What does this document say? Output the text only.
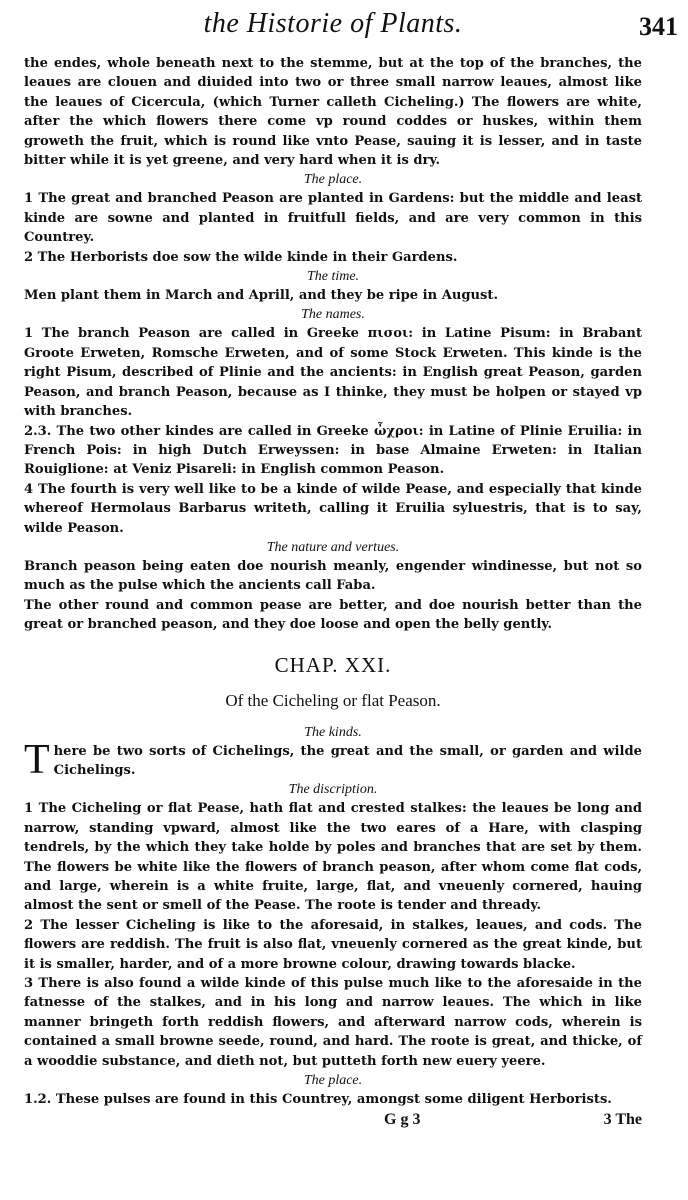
the Historie of Plants.	341

the endes, whole beneath next to the stemme, but at the top of the branches, the leaues are clouen and diuided into two or three small narrow leaues, almost like the leaues of Cicercula, (which Turner calleth Cicheling.) The flowers are white, after the which flowers there come vp round coddes or huskes, within them groweth the fruit, which is round like vnto Pease, sauing it is lesser, and in taste bitter while it is yet greene, and very hard when it is dry.

The place.

1 The great and branched Peason are planted in Gardens: but the middle and least kinde are sowne and planted in fruitfull fields, and are very common in this Countrey.

2 The Herborists doe sow the wilde kinde in their Gardens.

The time.

Men plant them in March and Aprill, and they be ripe in August.

The names.

1 The branch Peason are called in Greeke πισοι: in Latine Pisum: in Brabant Groote Erweten, Romsche Erweten, and of some Stock Erweten. This kinde is the right Pisum, described of Plinie and the ancients: in English great Peason, garden Peason, and branch Peason, because as I thinke, they must be holpen or stayed vp with branches.

2.3. The two other kindes are called in Greeke ὦχροι: in Latine of Plinie Eruilia: in French Pois: in high Dutch Erweyssen: in base Almaine Erweten: in Italian Rouiglione: at Veniz Pisareli: in English common Peason.

4 The fourth is very well like to be a kinde of wilde Pease, and especially that kinde whereof Hermolaus Barbarus writeth, calling it Eruilia syluestris, that is to say, wilde Peason.

The nature and vertues.

Branch peason being eaten doe nourish meanly, engender windinesse, but not so much as the pulse which the ancients call Faba.

The other round and common pease are better, and doe nourish better than the great or branched peason, and they doe loose and open the belly gently.

CHAP. XXI.

Of the Cicheling or flat Peason.

The kinds.

There be two sorts of Cichelings, the great and the small, or garden and wilde Cichelings.

The discription.

1 The Cicheling or flat Pease, hath flat and crested stalkes: the leaues be long and narrow, standing vpward, almost like the two eares of a Hare, with clasping tendrels, by the which they take holde by poles and branches that are set by them. The flowers be white like the flowers of branch peason, after whom come flat cods, and large, wherein is a white fruite, large, flat, and vneuenly cornered, hauing almost the sent or smell of the Pease. The roote is tender and thready.

2 The lesser Cicheling is like to the aforesaid, in stalkes, leaues, and cods. The flowers are reddish. The fruit is also flat, vneuenly cornered as the great kinde, but it is smaller, harder, and of a more browne colour, drawing towards blacke.

3 There is also found a wilde kinde of this pulse much like to the aforesaide in the fatnesse of the stalkes, and in his long and narrow leaues. The which in like manner bringeth forth reddish flowers, and afterward narrow cods, wherein is contained a small browne seede, round, and hard. The roote is great, and thicke, of a wooddie substance, and dieth not, but putteth forth new euery yeere.

The place.

1.2. These pulses are found in this Countrey, amongst some diligent Herborists.

G g 3	3 The
